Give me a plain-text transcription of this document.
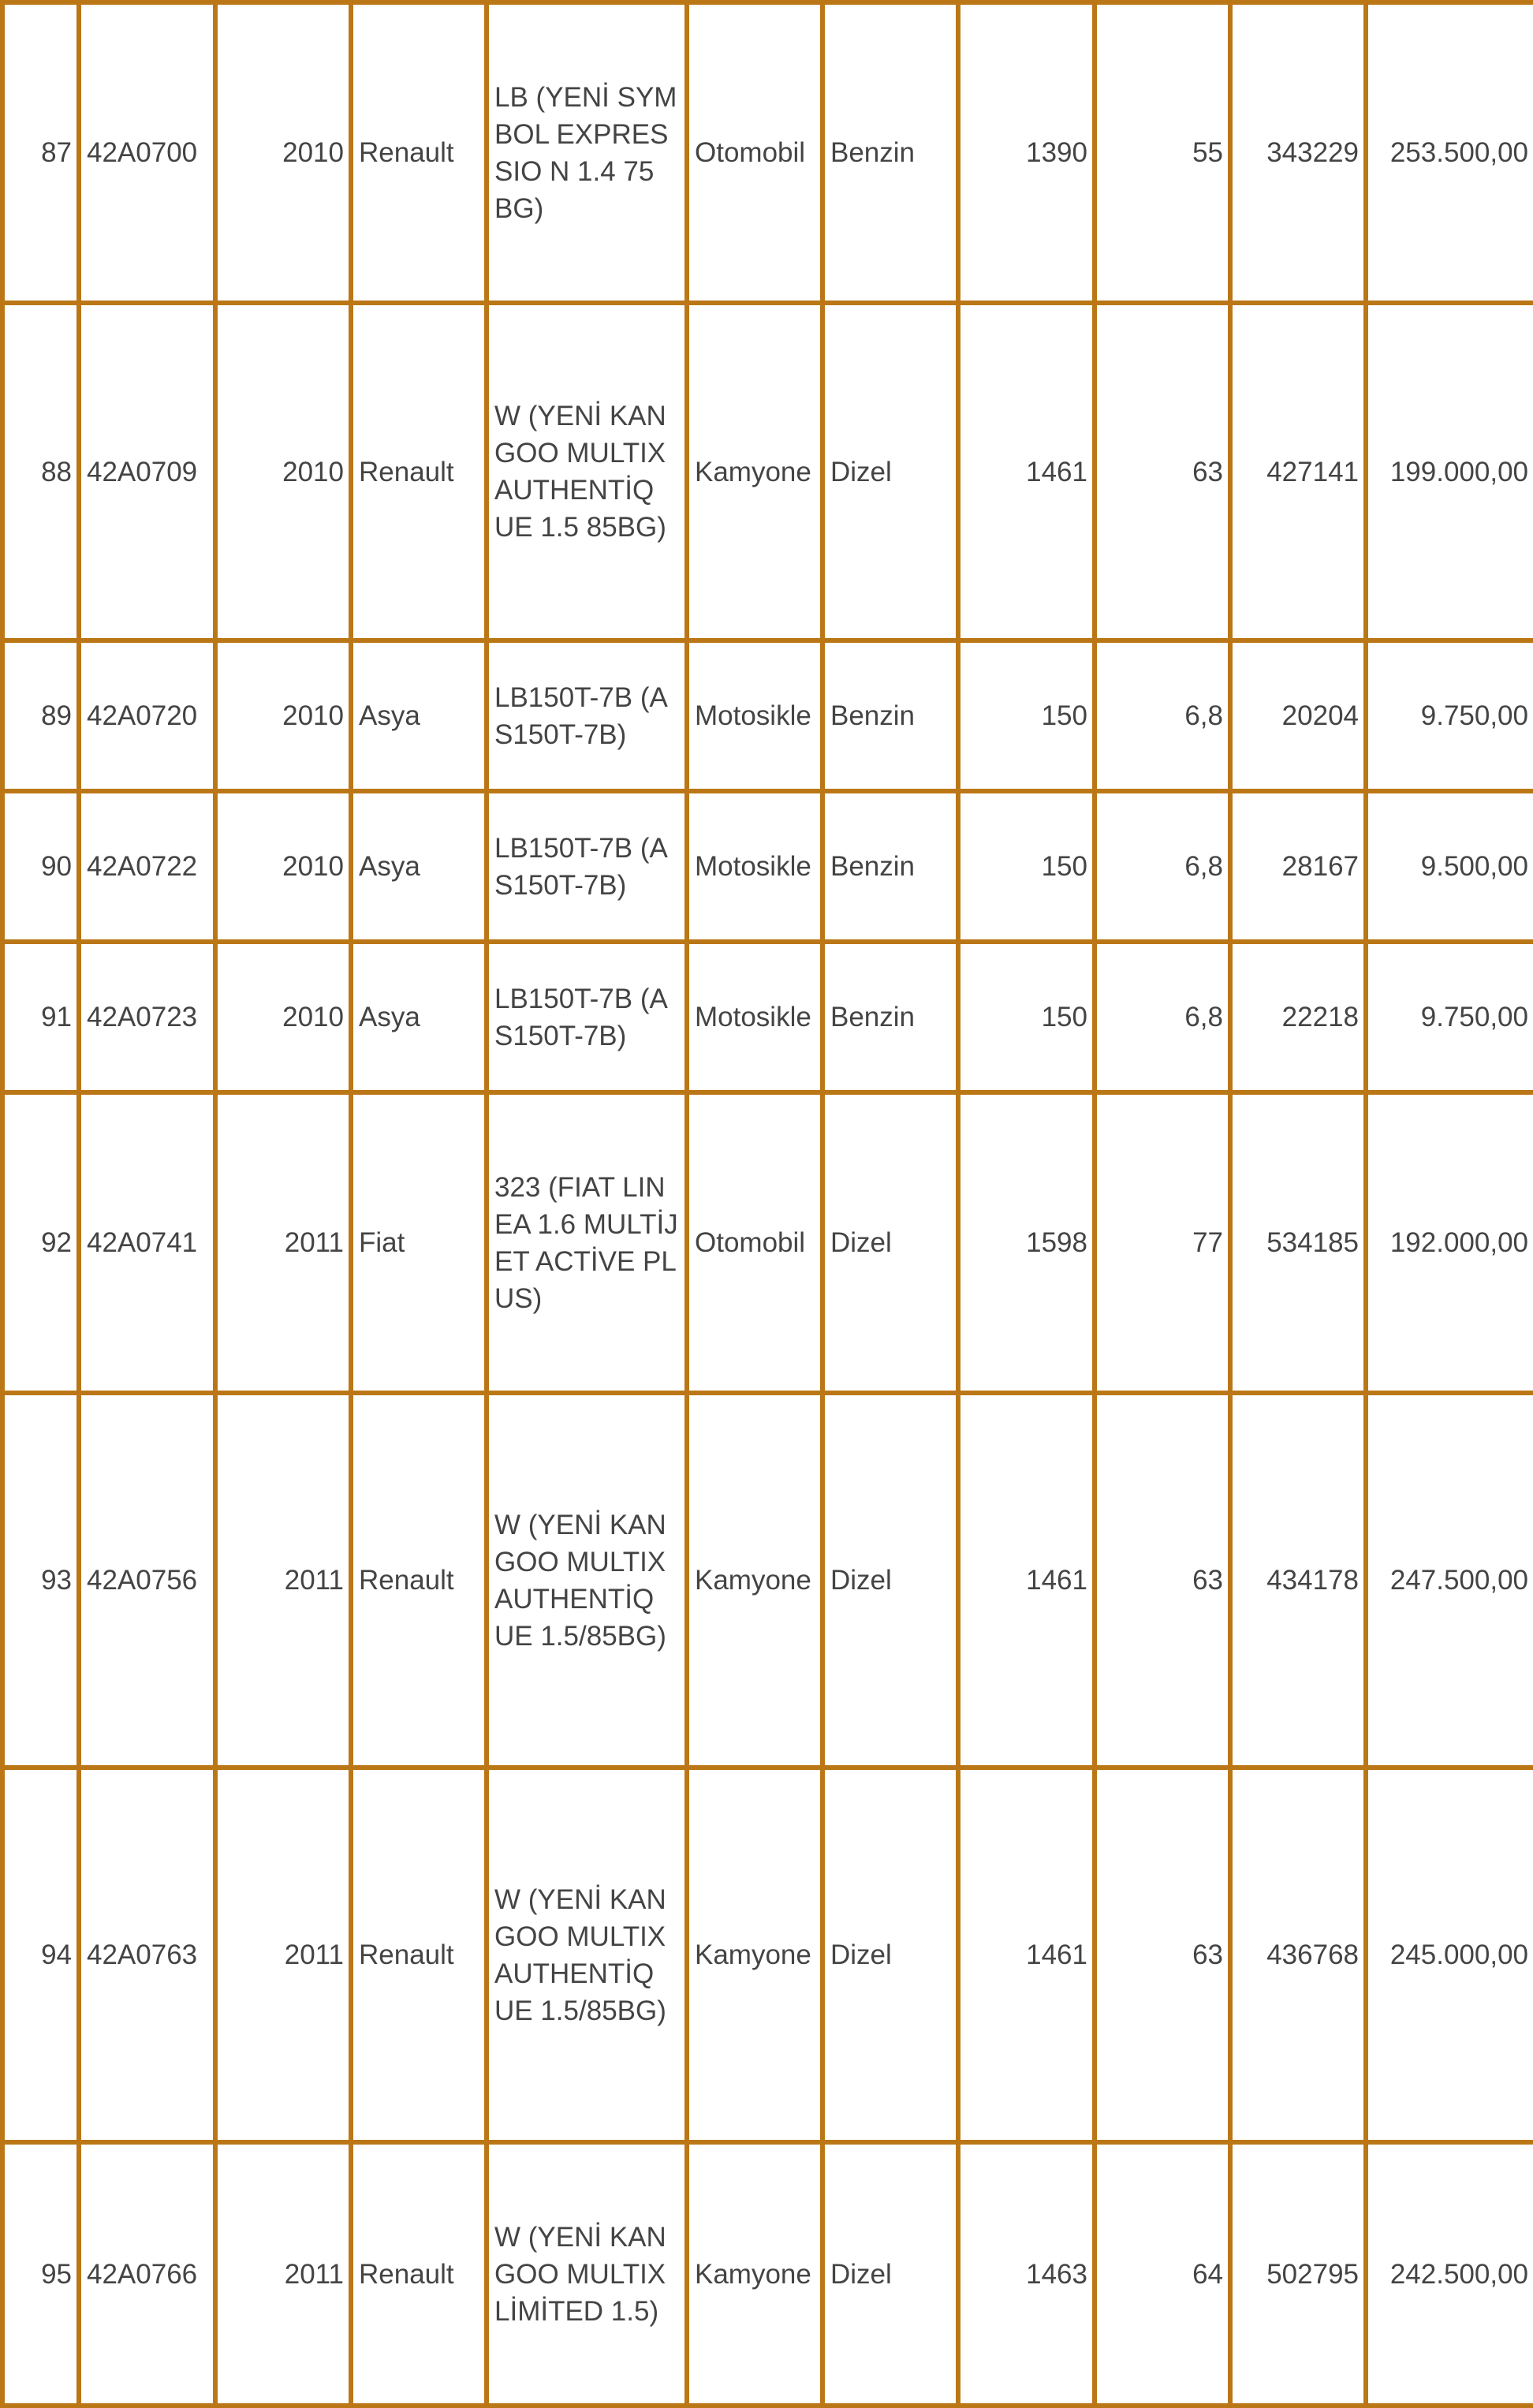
87	42A0700	2010	Renault	LB (YENİ SYMBOL EXPRESSIO N 1.4 75 BG)	Otomobil	Benzin	1390	55	343229	253.500,00
88	42A0709	2010	Renault	W (YENİ KANGOO MULTIX AUTHENTİQ UE 1.5 85BG)	Kamyone	Dizel	1461	63	427141	199.000,00
89	42A0720	2010	Asya	LB150T-7B (AS150T-7B)	Motosikle	Benzin	150	6,8	20204	9.750,00
90	42A0722	2010	Asya	LB150T-7B (AS150T-7B)	Motosikle	Benzin	150	6,8	28167	9.500,00
91	42A0723	2010	Asya	LB150T-7B (AS150T-7B)	Motosikle	Benzin	150	6,8	22218	9.750,00
92	42A0741	2011	Fiat	323 (FIAT LINEA 1.6 MULTİJET ACTİVE PLUS)	Otomobil	Dizel	1598	77	534185	192.000,00
93	42A0756	2011	Renault	W (YENİ KANGOO MULTIX AUTHENTİQ UE 1.5/85BG)	Kamyone	Dizel	1461	63	434178	247.500,00
94	42A0763	2011	Renault	W (YENİ KANGOO MULTIX AUTHENTİQ UE 1.5/85BG)	Kamyone	Dizel	1461	63	436768	245.000,00
95	42A0766	2011	Renault	W (YENİ KANGOO MULTIX LİMİTED 1.5)	Kamyone	Dizel	1463	64	502795	242.500,00
